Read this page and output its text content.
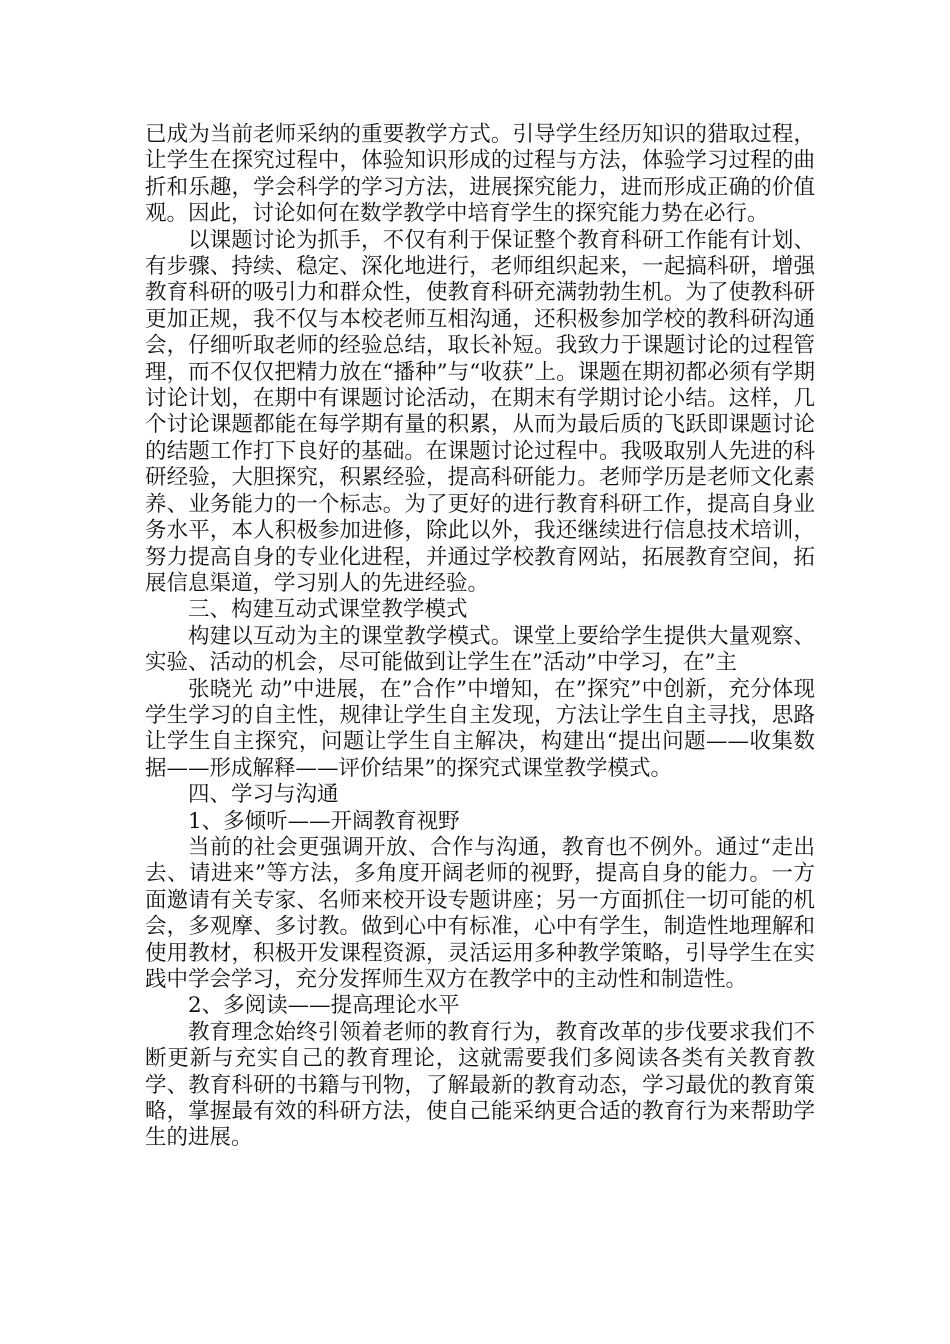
已成为当前老师采纳的重要教学方式。引导学生经历知识的猎取过程，让学生在探究过程中，体验知识形成的过程与方法，体验学习过程的曲折和乐趣，学会科学的学习方法，进展探究能力，进而形成正确的价值观。因此，讨论如何在数学教学中培育学生的探究能力势在必行。

以课题讨论为抓手，不仅有利于保证整个教育科研工作能有计划、有步骤、持续、稳定、深化地进行，老师组织起来，一起搞科研，增强教育科研的吸引力和群众性，使教育科研充满勃勃生机。为了使教科研更加正规，我不仅与本校老师互相沟通，还积极参加学校的教科研沟通会，仔细听取老师的经验总结，取长补短。我致力于课题讨论的过程管理，而不仅仅把精力放在“播种”与“收获”上。课题在期初都必须有学期讨论计划，在期中有课题讨论活动，在期末有学期讨论小结。这样，几个讨论课题都能在每学期有量的积累，从而为最后质的飞跃即课题讨论的结题工作打下良好的基础。在课题讨论过程中。我吸取别人先进的科研经验，大胆探究，积累经验，提高科研能力。老师学历是老师文化素养、业务能力的一个标志。为了更好的进行教育科研工作，提高自身业务水平，本人积极参加进修，除此以外，我还继续进行信息技术培训，努力提高自身的专业化进程，并通过学校教育网站，拓展教育空间，拓展信息渠道，学习别人的先进经验。

三、构建互动式课堂教学模式

构建以互动为主的课堂教学模式。课堂上要给学生提供大量观察、实验、活动的机会，尽可能做到让学生在”活动”中学习，在”主

张晓光 动”中进展，在”合作”中增知，在”探究”中创新，充分体现学生学习的自主性，规律让学生自主发现，方法让学生自主寻找，思路让学生自主探究，问题让学生自主解决，构建出“提出问题——收集数据——形成解释——评价结果”的探究式课堂教学模式。

四、学习与沟通

1、多倾听——开阔教育视野

当前的社会更强调开放、合作与沟通，教育也不例外。通过“走出去、请进来”等方法，多角度开阔老师的视野，提高自身的能力。一方面邀请有关专家、名师来校开设专题讲座；另一方面抓住一切可能的机会，多观摩、多讨教。做到心中有标准，心中有学生，制造性地理解和使用教材，积极开发课程资源，灵活运用多种教学策略，引导学生在实践中学会学习，充分发挥师生双方在教学中的主动性和制造性。

2、多阅读——提高理论水平

教育理念始终引领着老师的教育行为，教育改革的步伐要求我们不断更新与充实自己的教育理论，这就需要我们多阅读各类有关教育教学、教育科研的书籍与刊物，了解最新的教育动态，学习最优的教育策略，掌握最有效的科研方法，使自己能采纳更合适的教育行为来帮助学生的进展。
